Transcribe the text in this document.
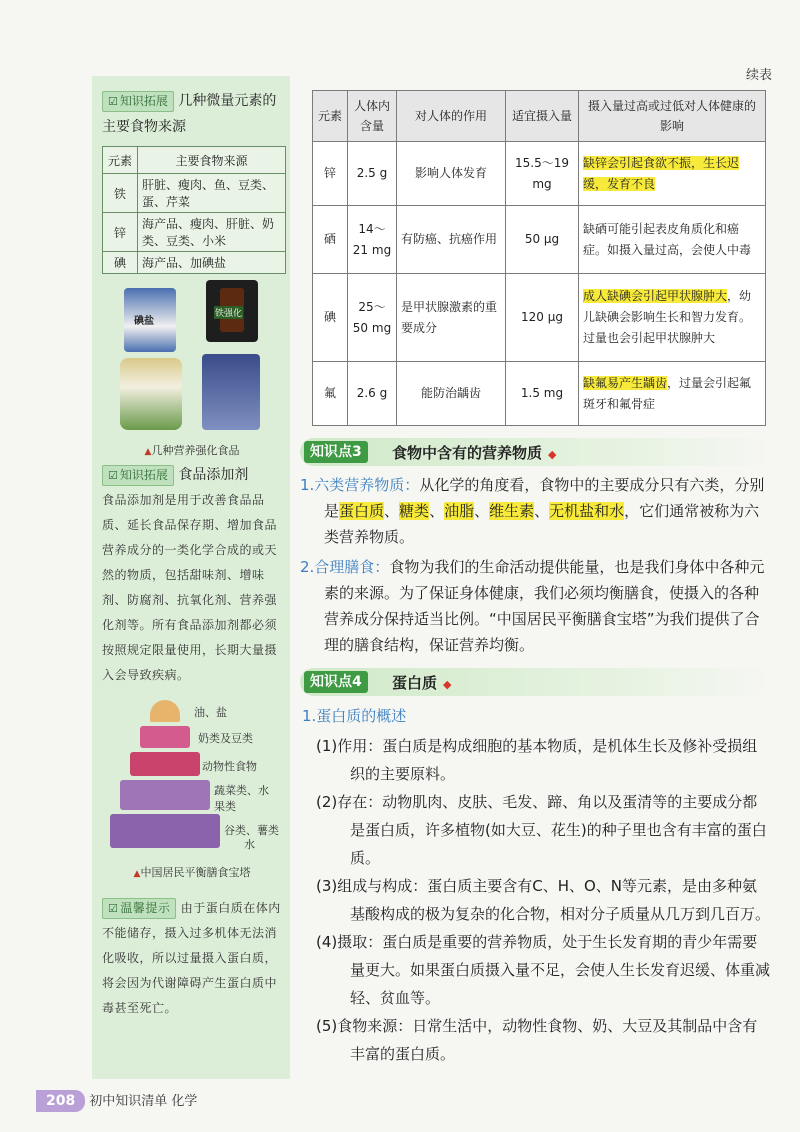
☑ 知识拓展 几种微量元素的主要食物来源
元素	主要食物来源
铁	肝脏、瘦肉、鱼、豆类、蛋、芹菜
锌	海产品、瘦肉、肝脏、奶类、豆类、小米
碘	海产品、加碘盐
碘盐
铁强化
▲几种营养强化食品
☑ 知识拓展 食品添加剂
食品添加剂是用于改善食品品质、延长食品保存期、增加食品营养成分的一类化学合成的或天然的物质，包括甜味剂、增味剂、防腐剂、抗氧化剂、营养强化剂等。所有食品添加剂都必须按照规定限量使用，长期大量摄入会导致疾病。
油、盐
奶类及豆类
动物性食物
蔬菜类、水果类
谷类、薯类
水
▲中国居民平衡膳食宝塔
☑ 温馨提示 由于蛋白质在体内不能储存，摄入过多机体无法消化吸收，所以过量摄入蛋白质，将会因为代谢障碍产生蛋白质中毒甚至死亡。
续表
元素	人体内含量	对人体的作用	适宜摄入量	摄入量过高或过低对人体健康的影响
锌	2.5 g	影响人体发育	15.5～19 mg	缺锌会引起食欲不振，生长迟缓，发育不良
硒	14～21 mg	有防癌、抗癌作用	50 μg	缺硒可能引起表皮角质化和癌症。如摄入量过高，会使人中毒
碘	25～50 mg	是甲状腺激素的重要成分	120 μg	成人缺碘会引起甲状腺肿大，幼儿缺碘会影响生长和智力发育。过量也会引起甲状腺肿大
氟	2.6 g	能防治龋齿	1.5 mg	缺氟易产生龋齿，过量会引起氟斑牙和氟骨症
知识点3	食物中含有的营养物质 ◆
1.六类营养物质：从化学的角度看，食物中的主要成分只有六类，分别是蛋白质、糖类、油脂、维生素、无机盐和水，它们通常被称为六类营养物质。
2.合理膳食：食物为我们的生命活动提供能量，也是我们身体中各种元素的来源。为了保证身体健康，我们必须均衡膳食，使摄入的各种营养成分保持适当比例。“中国居民平衡膳食宝塔”为我们提供了合理的膳食结构，保证营养均衡。
知识点4	蛋白质 ◆
1.蛋白质的概述

(1)作用：蛋白质是构成细胞的基本物质，是机体生长及修补受损组织的主要原料。

(2)存在：动物肌肉、皮肤、毛发、蹄、角以及蛋清等的主要成分都是蛋白质，许多植物(如大豆、花生)的种子里也含有丰富的蛋白质。

(3)组成与构成：蛋白质主要含有C、H、O、N等元素，是由多种氨基酸构成的极为复杂的化合物，相对分子质量从几万到几百万。

(4)摄取：蛋白质是重要的营养物质，处于生长发育期的青少年需要量更大。如果蛋白质摄入量不足，会使人生长发育迟缓、体重减轻、贫血等。

(5)食物来源：日常生活中，动物性食物、奶、大豆及其制品中含有丰富的蛋白质。

208 初中知识清单 化学
